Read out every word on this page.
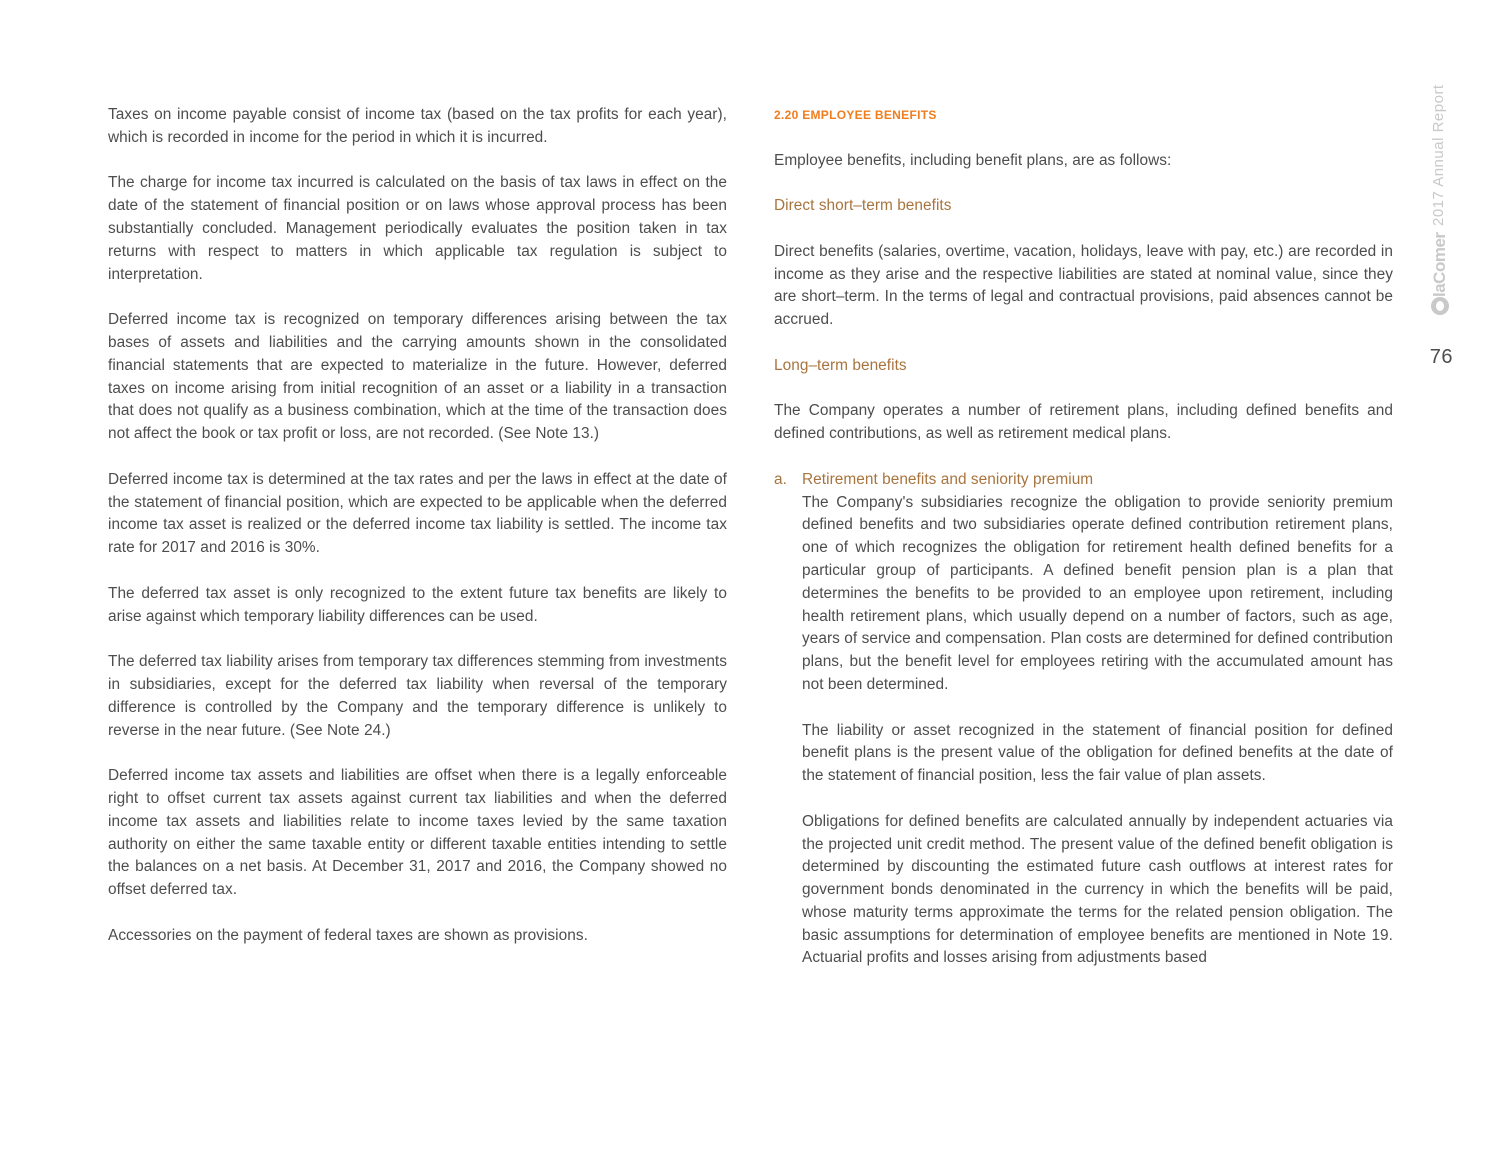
Taxes on income payable consist of income tax (based on the tax profits for each year), which is recorded in income for the period in which it is incurred.

The charge for income tax incurred is calculated on the basis of tax laws in effect on the date of the statement of financial position or on laws whose approval process has been substantially concluded. Management periodically evaluates the position taken in tax returns with respect to matters in which applicable tax regulation is subject to interpretation.

Deferred income tax is recognized on temporary differences arising between the tax bases of assets and liabilities and the carrying amounts shown in the consolidated financial statements that are expected to materialize in the future. However, deferred taxes on income arising from initial recognition of an asset or a liability in a transaction that does not qualify as a business combination, which at the time of the transaction does not affect the book or tax profit or loss, are not recorded. (See Note 13.)

Deferred income tax is determined at the tax rates and per the laws in effect at the date of the statement of financial position, which are expected to be applicable when the deferred income tax asset is realized or the deferred income tax liability is settled. The income tax rate for 2017 and 2016 is 30%.

The deferred tax asset is only recognized to the extent future tax benefits are likely to arise against which temporary liability differences can be used.

The deferred tax liability arises from temporary tax differences stemming from investments in subsidiaries, except for the deferred tax liability when reversal of the temporary difference is controlled by the Company and the temporary difference is unlikely to reverse in the near future. (See Note 24.)

Deferred income tax assets and liabilities are offset when there is a legally enforceable right to offset current tax assets against current tax liabilities and when the deferred income tax assets and liabilities relate to income taxes levied by the same taxation authority on either the same taxable entity or different taxable entities intending to settle the balances on a net basis. At December 31, 2017 and 2016, the Company showed no offset deferred tax.

Accessories on the payment of federal taxes are shown as provisions.

2.20 EMPLOYEE BENEFITS

Employee benefits, including benefit plans, are as follows:

Direct short–term benefits

Direct benefits (salaries, overtime, vacation, holidays, leave with pay, etc.) are recorded in income as they arise and the respective liabilities are stated at nominal value, since they are short–term. In the terms of legal and contractual provisions, paid absences cannot be accrued.

Long–term benefits

The Company operates a number of retirement plans, including defined benefits and defined contributions, as well as retirement medical plans.

a. Retirement benefits and seniority premium

The Company's subsidiaries recognize the obligation to provide seniority premium defined benefits and two subsidiaries operate defined contribution retirement plans, one of which recognizes the obligation for retirement health defined benefits for a particular group of participants. A defined benefit pension plan is a plan that determines the benefits to be provided to an employee upon retirement, including health retirement plans, which usually depend on a number of factors, such as age, years of service and compensation. Plan costs are determined for defined contribution plans, but the benefit level for employees retiring with the accumulated amount has not been determined.

The liability or asset recognized in the statement of financial position for defined benefit plans is the present value of the obligation for defined benefits at the date of the statement of financial position, less the fair value of plan assets.

Obligations for defined benefits are calculated annually by independent actuaries via the projected unit credit method. The present value of the defined benefit obligation is determined by discounting the estimated future cash outflows at interest rates for government bonds denominated in the currency in which the benefits will be paid, whose maturity terms approximate the terms for the related pension obligation. The basic assumptions for determination of employee benefits are mentioned in Note 19. Actuarial profits and losses arising from adjustments based

2017 Annual Report
laComer
76
